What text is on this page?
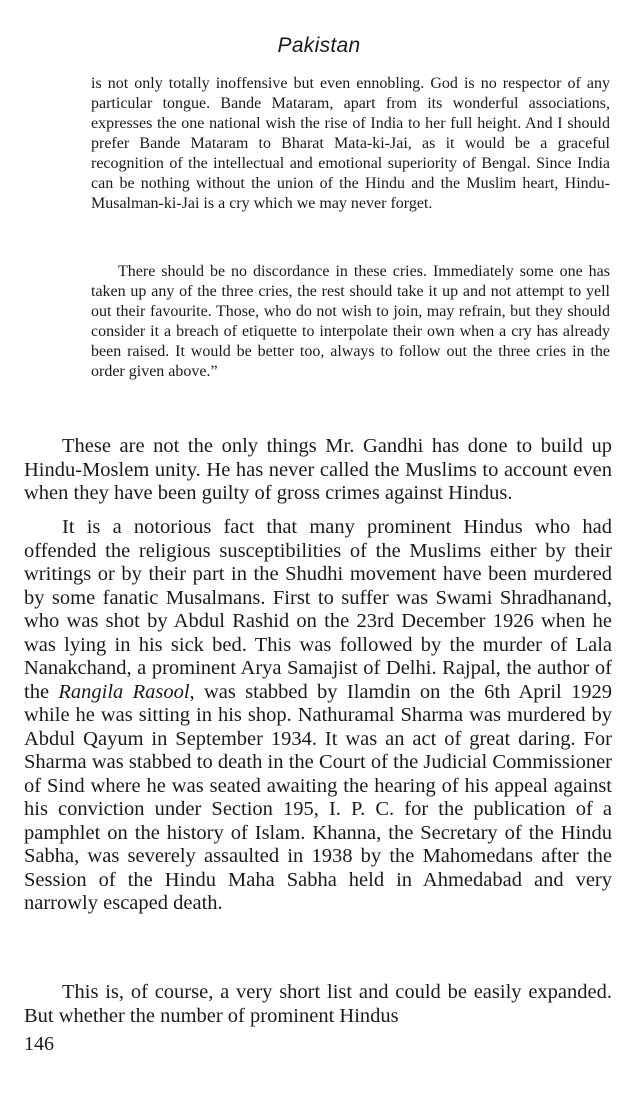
Pakistan

is not only totally inoffensive but even ennobling. God is no respector of any particular tongue. Bande Mataram, apart from its wonderful associations, expresses the one national wish the rise of India to her full height. And I should prefer Bande Mataram to Bharat Mata-ki-Jai, as it would be a graceful recognition of the intellectual and emotional superiority of Bengal. Since India can be nothing without the union of the Hindu and the Muslim heart, Hindu-Musalman-ki-Jai is a cry which we may never forget.

There should be no discordance in these cries. Immediately some one has taken up any of the three cries, the rest should take it up and not attempt to yell out their favourite. Those, who do not wish to join, may refrain, but they should consider it a breach of etiquette to interpolate their own when a cry has already been raised. It would be better too, always to follow out the three cries in the order given above.”

These are not the only things Mr. Gandhi has done to build up Hindu-Moslem unity. He has never called the Muslims to account even when they have been guilty of gross crimes against Hindus.

It is a notorious fact that many prominent Hindus who had offended the religious susceptibilities of the Muslims either by their writings or by their part in the Shudhi movement have been murdered by some fanatic Musalmans. First to suffer was Swami Shradhanand, who was shot by Abdul Rashid on the 23rd December 1926 when he was lying in his sick bed. This was followed by the murder of Lala Nanakchand, a prominent Arya Samajist of Delhi. Rajpal, the author of the Rangila Rasool, was stabbed by Ilamdin on the 6th April 1929 while he was sitting in his shop. Nathuramal Sharma was murdered by Abdul Qayum in September 1934. It was an act of great daring. For Sharma was stabbed to death in the Court of the Judicial Commissioner of Sind where he was seated awaiting the hearing of his appeal against his conviction under Section 195, I. P. C. for the publication of a pamphlet on the history of Islam. Khanna, the Secretary of the Hindu Sabha, was severely assaulted in 1938 by the Mahomedans after the Session of the Hindu Maha Sabha held in Ahmedabad and very narrowly escaped death.

This is, of course, a very short list and could be easily expanded. But whether the number of prominent Hindus

146
